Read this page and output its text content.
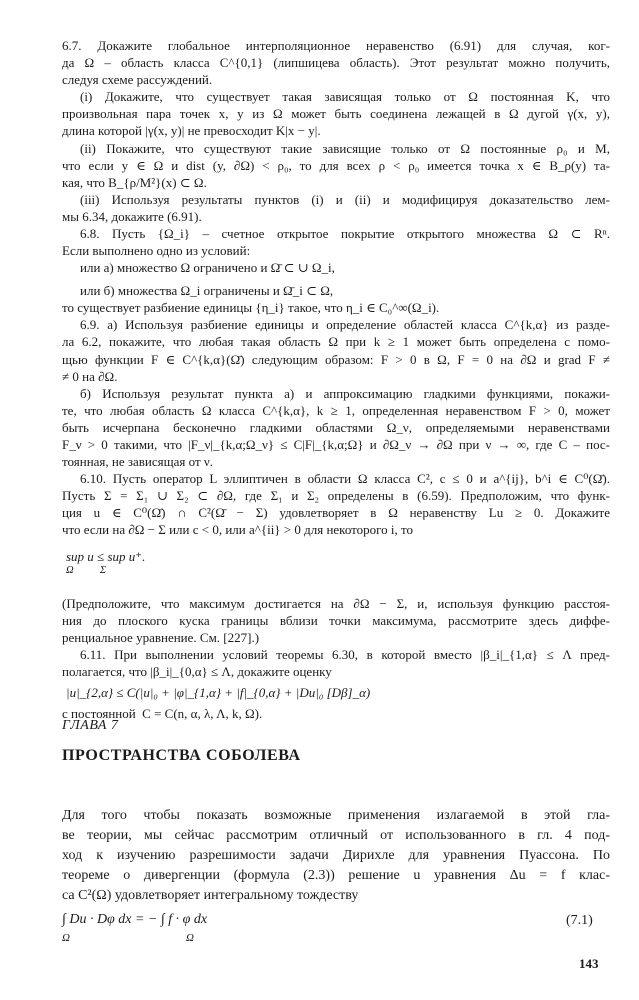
6.7. Докажите глобальное интерполяционное неравенство (6.91) для случая, ког-
да Ω – область класса C^{0,1} (липшицева область). Этот результат можно получить,
следуя схеме рассуждений.
(i) Докажите, что существует такая зависящая только от Ω постоянная K, что
произвольная пара точек x, y из Ω может быть соединена лежащей в Ω дугой γ(x, y),
длина которой |γ(x, y)| не превосходит K|x − y|.
(ii) Покажите, что существуют такие зависящие только от Ω постоянные ρ₀ и M,
что если y ∈ Ω и dist (y, ∂Ω) < ρ₀, то для всех ρ < ρ₀ имеется точка x ∈ B_ρ(y) та-
кая, что B_{ρ/M²}(x) ⊂ Ω.
(iii) Используя результаты пунктов (i) и (ii) и модифицируя доказательство лем-
мы 6.34, докажите (6.91).
6.8. Пусть {Ω_i} – счетное открытое покрытие открытого множества Ω ⊂ Rⁿ.
Если выполнено одно из условий:
или а) множество Ω ограничено и Ω̄ ⊂ ∪ Ω_i,
или б) множества Ω_i ограничены и Ω̄_i ⊂ Ω,
то существует разбиение единицы {η_i} такое, что η_i ∈ C₀^∞(Ω_i).
6.9. а) Используя разбиение единицы и определение областей класса C^{k,α} из разде-
ла 6.2, покажите, что любая такая область Ω при k ≥ 1 может быть определена с помо-
щью функции F ∈ C^{k,α}(Ω̄) следующим образом: F > 0 в Ω, F = 0 на ∂Ω и grad F ≠
≠ 0 на ∂Ω.
б) Используя результат пункта а) и аппроксимацию гладкими функциями, покажи-
те, что любая область Ω класса C^{k,α}, k ≥ 1, определенная неравенством F > 0, может
быть исчерпана бесконечно гладкими областями Ω_ν, определяемыми неравенствами
F_ν > 0 такими, что |F_ν|_{k,α;Ω_ν} ≤ C|F|_{k,α;Ω} и ∂Ω_ν → ∂Ω при ν → ∞, где C – пос-
тоянная, не зависящая от ν.
6.10. Пусть оператор L эллиптичен в области Ω класса C², c ≤ 0 и a^{ij}, b^i ∈ C⁰(Ω̄).
Пусть Σ = Σ₁ ∪ Σ₂ ⊂ ∂Ω, где Σ₁ и Σ₂ определены в (6.59). Предположим, что функ-
ция u ∈ C⁰(Ω̄) ∩ C²(Ω̄ − Σ) удовлетворяет в Ω неравенству Lu ≥ 0. Докажите
что если на ∂Ω − Σ или c < 0, или a^{ii} > 0 для некоторого i, то
sup u ≤ sup u⁺.
Ω          Σ
(Предположите, что максимум достигается на ∂Ω − Σ, и, используя функцию расстоя-
ния до плоского куска границы вблизи точки максимума, рассмотрите здесь диффе-
ренциальное уравнение. См. [227].)
6.11. При выполнении условий теоремы 6.30, в которой вместо |β_i|_{1,α} ≤ Λ пред-
полагается, что |β_i|_{0,α} ≤ Λ, докажите оценку
|u|_{2,α} ≤ C(|u|₀ + |φ|_{1,α} + |f|_{0,α} + |Du|₀ [Dβ]_α)
с постоянной  C = C(n, α, λ, Λ, k, Ω).
ГЛАВА 7
ПРОСТРАНСТВА СОБОЛЕВА
Для того чтобы показать возможные применения излагаемой в этой гла-
ве теории, мы сейчас рассмотрим отличный от использованного в гл. 4 под-
ход к изучению разрешимости задачи Дирихле для уравнения Пуассона. По
теореме о дивергенции (формула (2.3)) решение u уравнения Δu = f клас-
са C²(Ω) удовлетворяет интегральному тождеству
∫ Du · Dφ dx = − ∫ f · φ dx
Ω	Ω
(7.1)
143
